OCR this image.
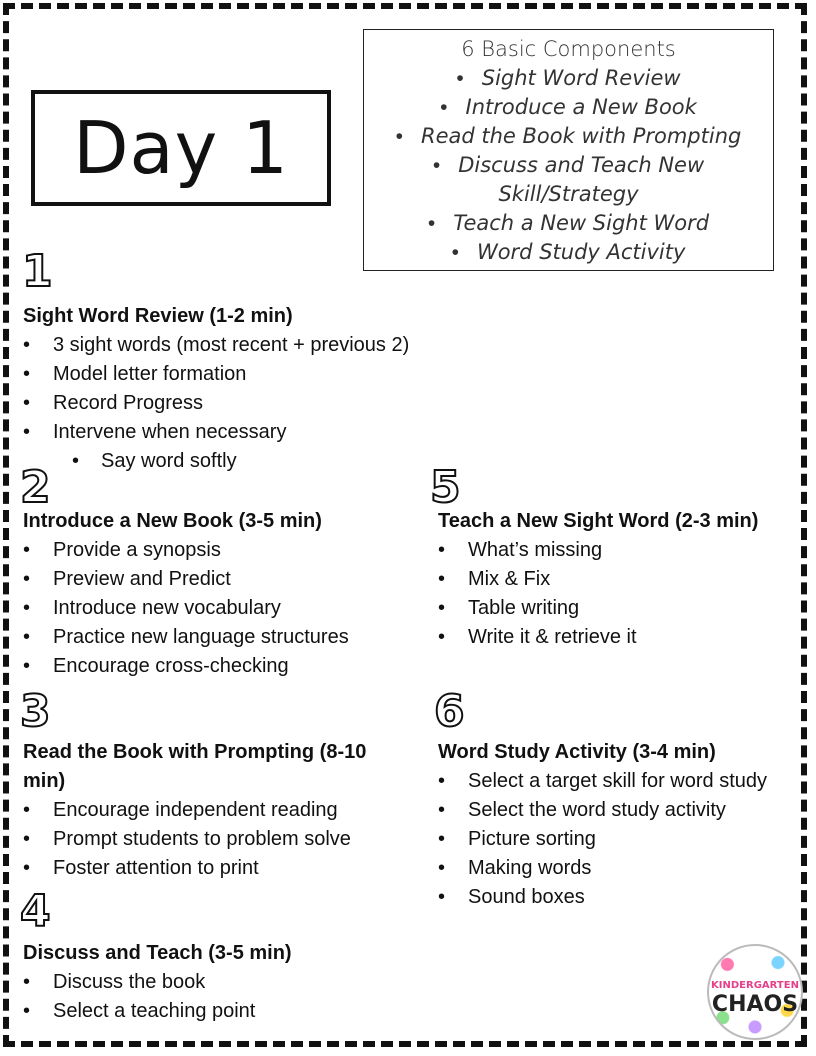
Day 1
6 Basic Components
• Sight Word Review
• Introduce a New Book
• Read the Book with Prompting
• Discuss and Teach New
Skill/Strategy
• Teach a New Sight Word
• Word Study Activity
1
Sight Word Review (1-2 min)
• 3 sight words (most recent + previous 2)
• Model letter formation
• Record Progress
• Intervene when necessary
• Say word softly
2
Introduce a New Book (3-5 min)
• Provide a synopsis
• Preview and Predict
• Introduce new vocabulary
• Practice new language structures
• Encourage cross-checking
3
Read the Book with Prompting (8-10
min)
• Encourage independent reading
• Prompt students to problem solve
• Foster attention to print
4
Discuss and Teach (3-5 min)
• Discuss the book
• Select a teaching point
5
Teach a New Sight Word (2-3 min)
• What’s missing
• Mix & Fix
• Table writing
• Write it & retrieve it
6
Word Study Activity (3-4 min)
• Select a target skill for word study
• Select the word study activity
• Picture sorting
• Making words
• Sound boxes
KINDERGARTEN
CHAOS
